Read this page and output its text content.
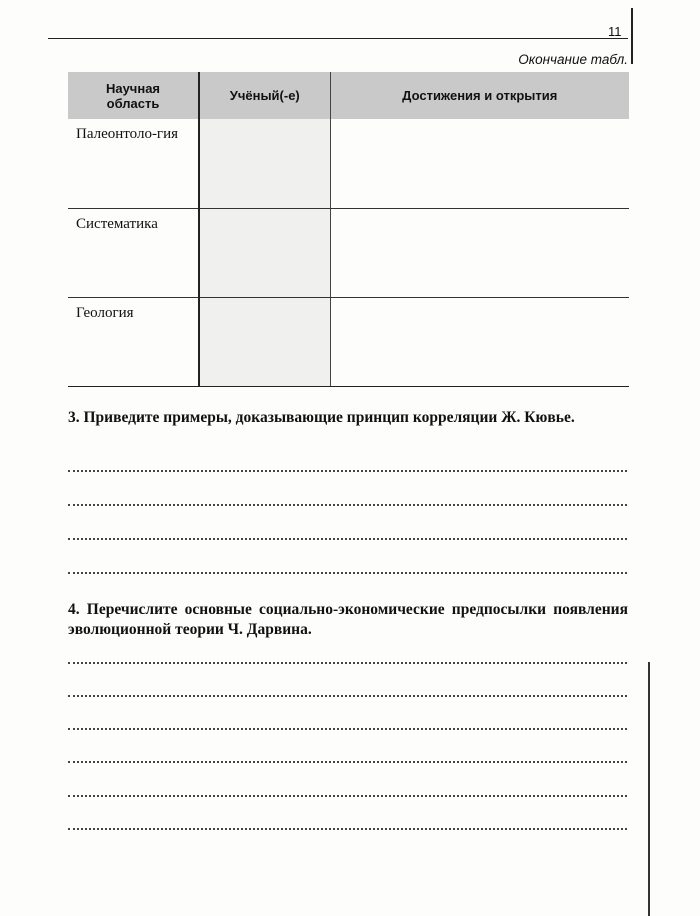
11
Окончание табл.
Научная область	Учёный(-е)	Достижения и открытия
Палеонтоло-гия		
Систематика		
Геология		
3. Приведите примеры, доказывающие принцип корреляции Ж. Кювье.
4. Перечислите основные социально-экономические предпосылки появления эволюционной теории Ч. Дарвина.
